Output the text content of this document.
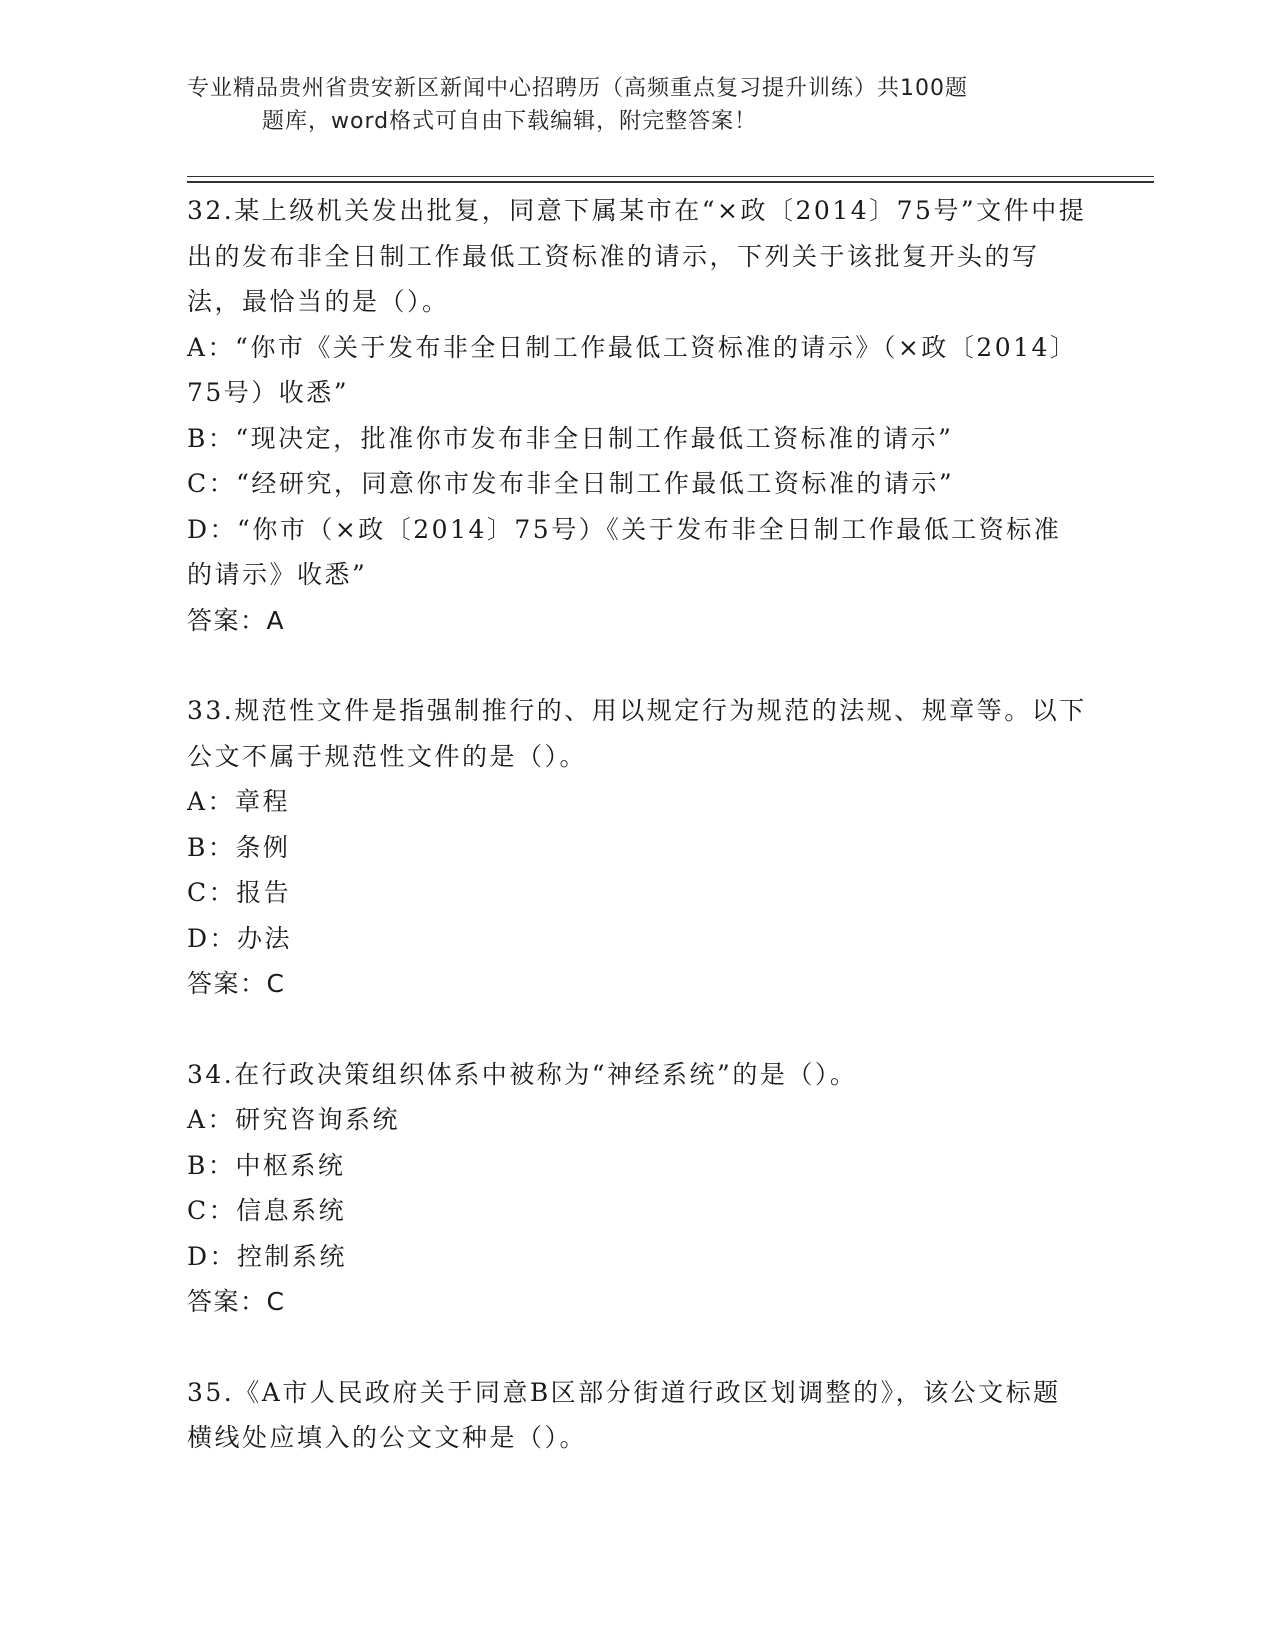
专业精品贵州省贵安新区新闻中心招聘历（高频重点复习提升训练）共100题
题库，word格式可自由下载编辑，附完整答案！

32.某上级机关发出批复，同意下属某市在“×政〔2014〕75号”文件中提出的发布非全日制工作最低工资标准的请示，下列关于该批复开头的写法，最恰当的是（）。

A：“你市《关于发布非全日制工作最低工资标准的请示》（×政〔2014〕75号）收悉”

B：“现决定，批准你市发布非全日制工作最低工资标准的请示”

C：“经研究，同意你市发布非全日制工作最低工资标准的请示”

D：“你市（×政〔2014〕75号）《关于发布非全日制工作最低工资标准的请示》收悉”

答案：A

33.规范性文件是指强制推行的、用以规定行为规范的法规、规章等。以下公文不属于规范性文件的是（）。

A：章程

B：条例

C：报告

D：办法

答案：C

34.在行政决策组织体系中被称为“神经系统”的是（）。

A：研究咨询系统

B：中枢系统

C：信息系统

D：控制系统

答案：C

35.《A市人民政府关于同意B区部分街道行政区划调整的》，该公文标题横线处应填入的公文文种是（）。
